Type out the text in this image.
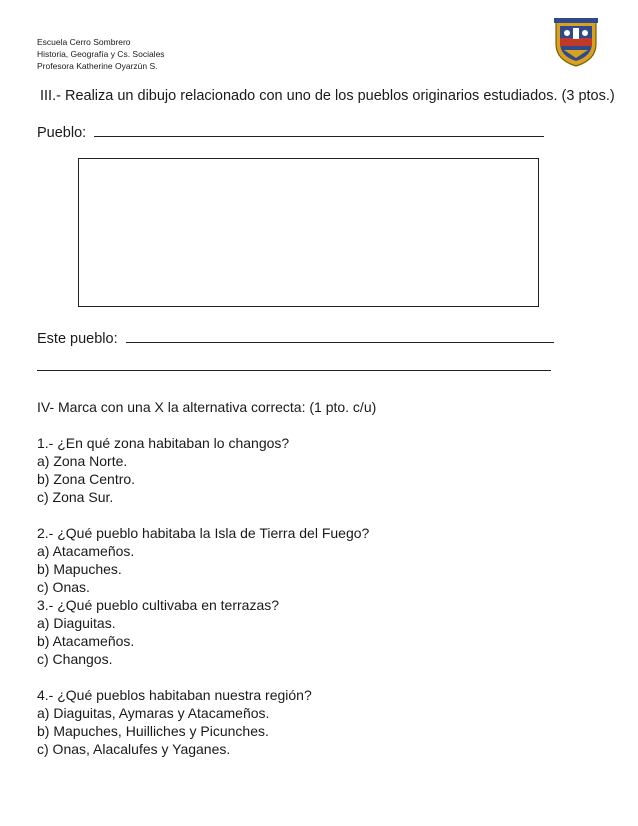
Escuela Cerro Sombrero
Historia, Geografía y Cs. Sociales
Profesora Katherine Oyarzún S.
III.- Realiza un dibujo relacionado con uno de los pueblos originarios estudiados. (3 ptos.)
Pueblo:
Este pueblo:

IV- Marca con una X la alternativa correcta: (1 pto. c/u)

1.- ¿En qué zona habitaban lo changos?

a) Zona Norte.

b) Zona Centro.

c) Zona Sur.

2.- ¿Qué pueblo habitaba la Isla de Tierra del Fuego?

a) Atacameños.

b) Mapuches.

c) Onas.

3.- ¿Qué pueblo cultivaba en terrazas?

a) Diaguitas.

b) Atacameños.

c) Changos.

4.- ¿Qué pueblos habitaban nuestra región?

a) Diaguitas, Aymaras y Atacameños.

b) Mapuches, Huilliches y Picunches.

c) Onas, Alacalufes y Yaganes.
